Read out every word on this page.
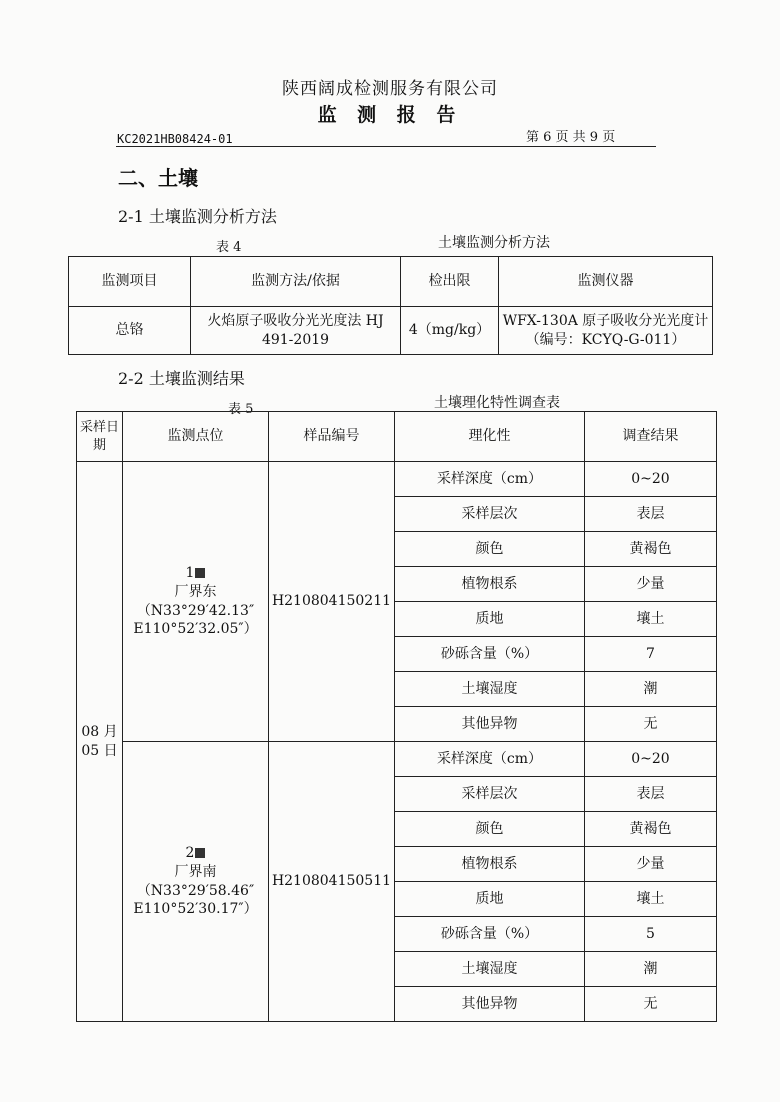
陕西阔成检测服务有限公司
监 测 报 告
KC2021HB08424-01	第 6 页 共 9 页
二、土壤
2-1 土壤监测分析方法
表 4	土壤监测分析方法
监测项目	监测方法/依据	检出限	监测仪器
总铬	火焰原子吸收分光光度法 HJ 491-2019	4（mg/kg）	WFX-130A 原子吸收分光光度计（编号：KCYQ-G-011）
2-2 土壤监测结果
表 5	土壤理化特性调查表
采样日期	监测点位	样品编号	理化性	调查结果
08 月
05 日	1
厂界东
（N33°29′42.13″
E110°52′32.05″）	H210804150211	采样深度（cm）	0~20
			采样层次	表层
			颜色	黄褐色
			植物根系	少量
			质地	壤土
			砂砾含量（%）	7
			土壤湿度	潮
			其他异物	无

	2
厂界南
（N33°29′58.46″
E110°52′30.17″）	H210804150511	采样深度（cm）	0~20
			采样层次	表层
			颜色	黄褐色
			植物根系	少量
			质地	壤土
			砂砾含量（%）	5
			土壤湿度	潮
			其他异物	无
